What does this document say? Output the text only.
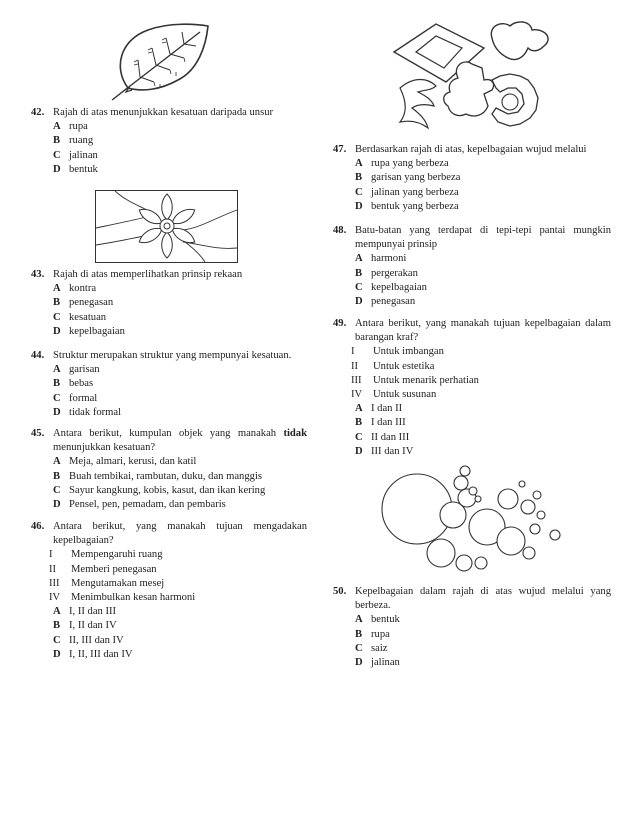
42. Rajah di atas menunjukkan kesatuan daripada unsur
A rupa
B ruang
C jalinan
D bentuk
43. Rajah di atas memperlihatkan prinsip rekaan
A kontra
B penegasan
C kesatuan
D kepelbagaian
44. Struktur merupakan struktur yang mempunyai kesatuan.
A garisan
B bebas
C formal
D tidak formal
45. Antara berikut, kumpulan objek yang manakah tidak menunjukkan kesatuan?
A Meja, almari, kerusi, dan katil
B Buah tembikai, rambutan, duku, dan manggis
C Sayur kangkung, kobis, kasut, dan ikan kering
D Pensel, pen, pemadam, dan pembaris
46. Antara berikut, yang manakah tujuan mengadakan kepelbagaian?
I Mempengaruhi ruang
II Memberi penegasan
III Mengutamakan mesej
IV Menimbulkan kesan harmoni
A I, II dan III
B I, II dan IV
C II, III dan IV
D I, II, III dan IV
47. Berdasarkan rajah di atas, kepelbagaian wujud melalui
A rupa yang berbeza
B garisan yang berbeza
C jalinan yang berbeza
D bentuk yang berbeza
48. Batu-batan yang terdapat di tepi-tepi pantai mungkin mempunyai prinsip
A harmoni
B pergerakan
C kepelbagaian
D penegasan
49. Antara berikut, yang manakah tujuan kepelbagaian dalam barangan kraf?
I Untuk imbangan
II Untuk estetika
III Untuk menarik perhatian
IV Untuk susunan
A I dan II
B I dan III
C II dan III
D III dan IV
50. Kepelbagaian dalam rajah di atas wujud melalui yang berbeza.
A bentuk
B rupa
C saiz
D jalinan
